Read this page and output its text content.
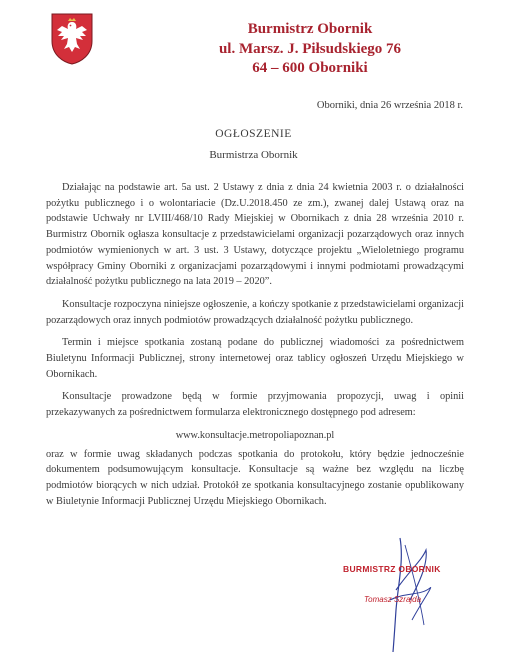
Burmistrz Obornik
ul. Marsz. J. Piłsudskiego 76
64 – 600 Oborniki
Oborniki, dnia 26 września 2018 r.
OGŁOSZENIE
Burmistrza Obornik

Działając na podstawie art. 5a ust. 2 Ustawy z dnia z dnia 24 kwietnia 2003 r. o działalności pożytku publicznego i o wolontariacie (Dz.U.2018.450 ze zm.), zwanej dalej Ustawą oraz na podstawie Uchwały nr LVIII/468/10 Rady Miejskiej w Obornikach z dnia 28 września 2010 r. Burmistrz Obornik ogłasza konsultacje z przedstawicielami organizacji pozarządowych oraz innych podmiotów wymienionych w art. 3 ust. 3 Ustawy, dotyczące projektu „Wieloletniego programu współpracy Gminy Oborniki z organizacjami pozarządowymi i innymi podmiotami prowadzącymi działalność pożytku publicznego na lata 2019 – 2020”.

Konsultacje rozpoczyna niniejsze ogłoszenie, a kończy spotkanie z przedstawicielami organizacji pozarządowych oraz innych podmiotów prowadzących działalność pożytku publicznego.

Termin i miejsce spotkania zostaną podane do publicznej wiadomości za pośrednictwem Biuletynu Informacji Publicznej, strony internetowej oraz tablicy ogłoszeń Urzędu Miejskiego w Obornikach.

Konsultacje prowadzone będą w formie przyjmowania propozycji, uwag i opinii przekazywanych za pośrednictwem formularza elektronicznego dostępnego pod adresem:

www.konsultacje.metropoliapoznan.pl

oraz w formie uwag składanych podczas spotkania do protokołu, który będzie jednocześnie dokumentem podsumowującym konsultacje. Konsultacje są ważne bez względu na liczbę podmiotów biorących w nich udział. Protokół ze spotkania konsultacyjnego zostanie opublikowany w Biuletynie Informacji Publicznej Urzędu Miejskiego Obornikach.

BURMISTRZ OBORNIK
Tomasz Szrajda
